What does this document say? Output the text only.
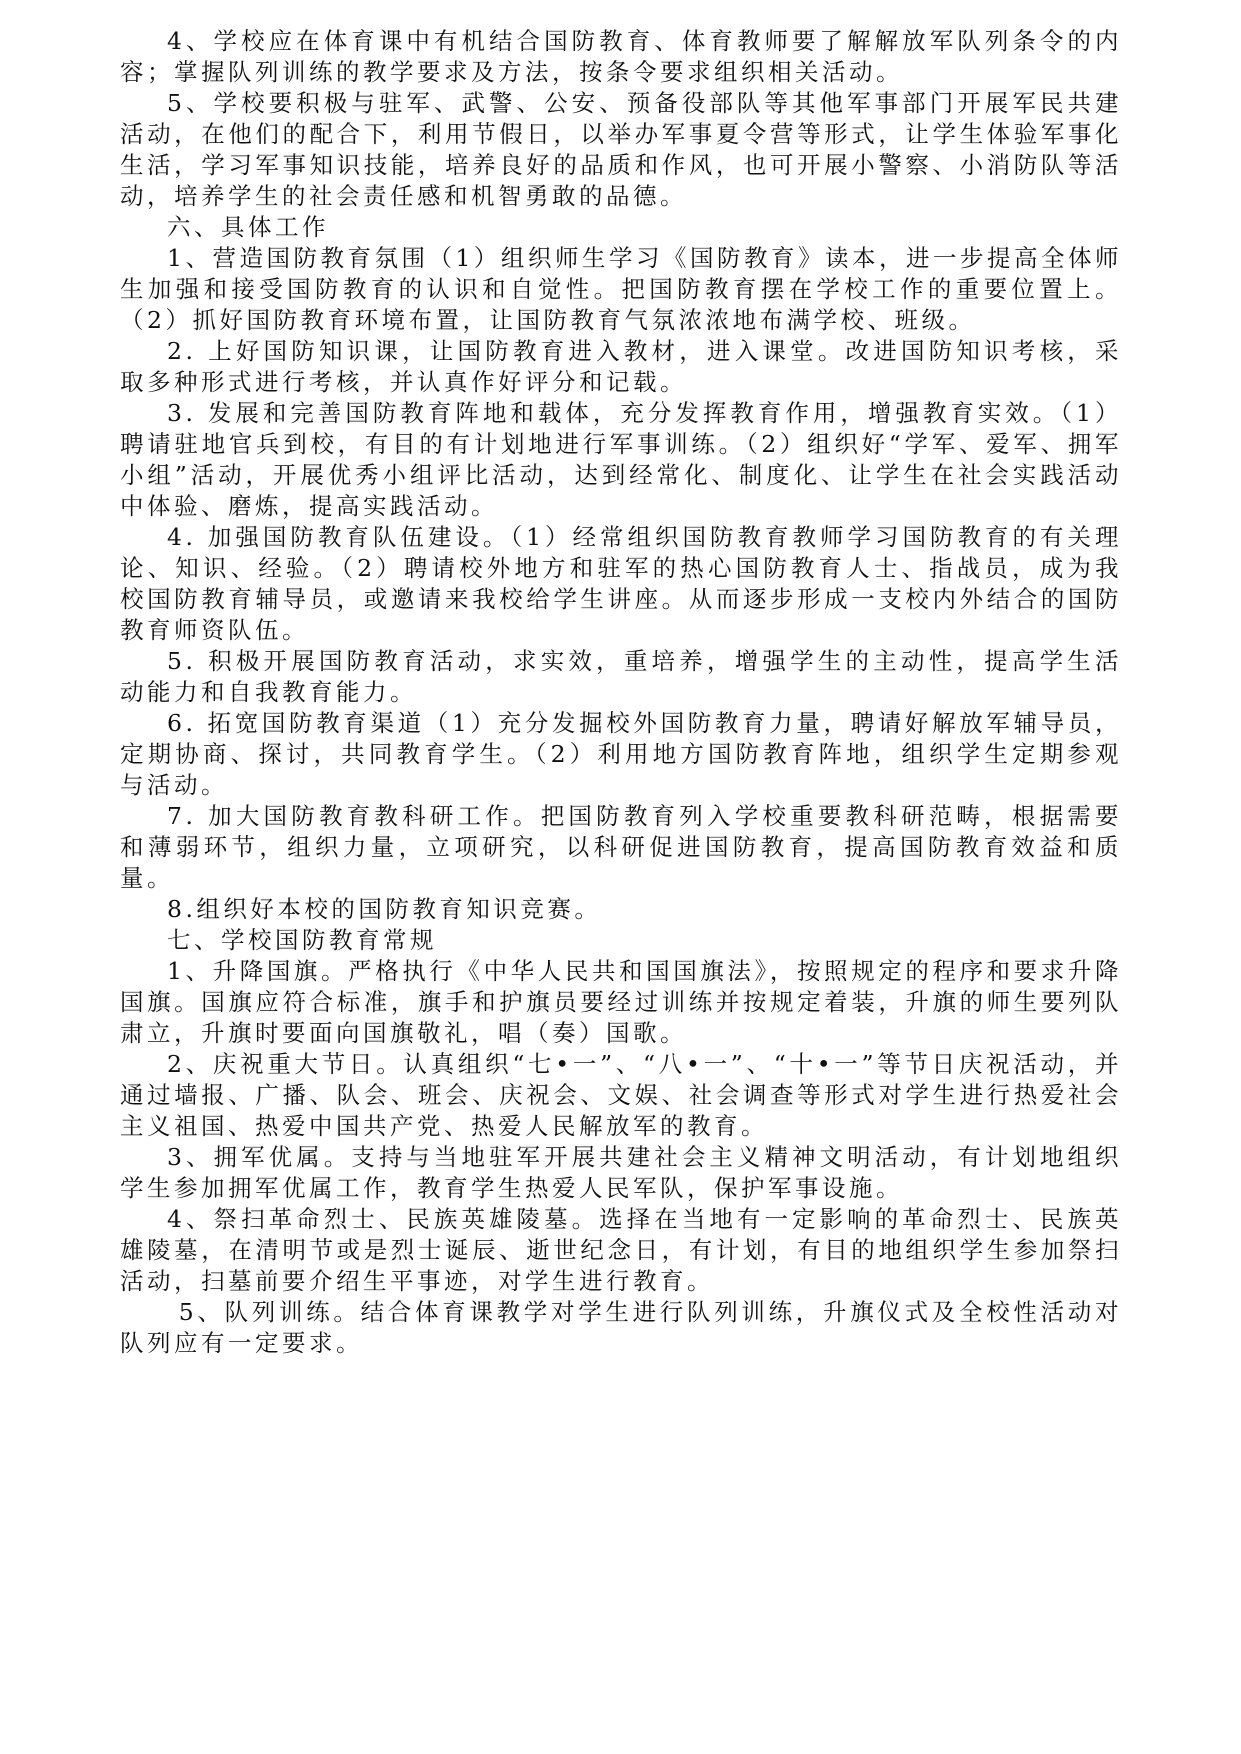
4、学校应在体育课中有机结合国防教育、体育教师要了解解放军队列条令的内容；掌握队列训练的教学要求及方法，按条令要求组织相关活动。

5、学校要积极与驻军、武警、公安、预备役部队等其他军事部门开展军民共建活动，在他们的配合下，利用节假日，以举办军事夏令营等形式，让学生体验军事化生活，学习军事知识技能，培养良好的品质和作风，也可开展小警察、小消防队等活动，培养学生的社会责任感和机智勇敢的品德。

六、具体工作

1、营造国防教育氛围（1）组织师生学习《国防教育》读本，进一步提高全体师生加强和接受国防教育的认识和自觉性。把国防教育摆在学校工作的重要位置上。（2）抓好国防教育环境布置，让国防教育气氛浓浓地布满学校、班级。

2. 上好国防知识课，让国防教育进入教材，进入课堂。改进国防知识考核，采取多种形式进行考核，并认真作好评分和记载。

3. 发展和完善国防教育阵地和载体，充分发挥教育作用，增强教育实效。（1）聘请驻地官兵到校，有目的有计划地进行军事训练。（2）组织好“学军、爱军、拥军小组”活动，开展优秀小组评比活动，达到经常化、制度化、让学生在社会实践活动中体验、磨炼，提高实践活动。

4. 加强国防教育队伍建设。（1）经常组织国防教育教师学习国防教育的有关理论、知识、经验。（2）聘请校外地方和驻军的热心国防教育人士、指战员，成为我校国防教育辅导员，或邀请来我校给学生讲座。从而逐步形成一支校内外结合的国防教育师资队伍。

5. 积极开展国防教育活动，求实效，重培养，增强学生的主动性，提高学生活动能力和自我教育能力。

6. 拓宽国防教育渠道（1）充分发掘校外国防教育力量，聘请好解放军辅导员，定期协商、探讨，共同教育学生。（2）利用地方国防教育阵地，组织学生定期参观与活动。

7. 加大国防教育教科研工作。把国防教育列入学校重要教科研范畴，根据需要和薄弱环节，组织力量，立项研究，以科研促进国防教育，提高国防教育效益和质量。

8.组织好本校的国防教育知识竞赛。

七、学校国防教育常规

1、升降国旗。严格执行《中华人民共和国国旗法》，按照规定的程序和要求升降国旗。国旗应符合标准，旗手和护旗员要经过训练并按规定着装，升旗的师生要列队肃立，升旗时要面向国旗敬礼，唱（奏）国歌。

2、庆祝重大节日。认真组织“七•一”、“八•一”、“十•一”等节日庆祝活动，并通过墙报、广播、队会、班会、庆祝会、文娱、社会调查等形式对学生进行热爱社会主义祖国、热爱中国共产党、热爱人民解放军的教育。

3、拥军优属。支持与当地驻军开展共建社会主义精神文明活动，有计划地组织学生参加拥军优属工作，教育学生热爱人民军队，保护军事设施。

4、祭扫革命烈士、民族英雄陵墓。选择在当地有一定影响的革命烈士、民族英雄陵墓，在清明节或是烈士诞辰、逝世纪念日，有计划，有目的地组织学生参加祭扫活动，扫墓前要介绍生平事迹，对学生进行教育。

5、队列训练。结合体育课教学对学生进行队列训练，升旗仪式及全校性活动对队列应有一定要求。
